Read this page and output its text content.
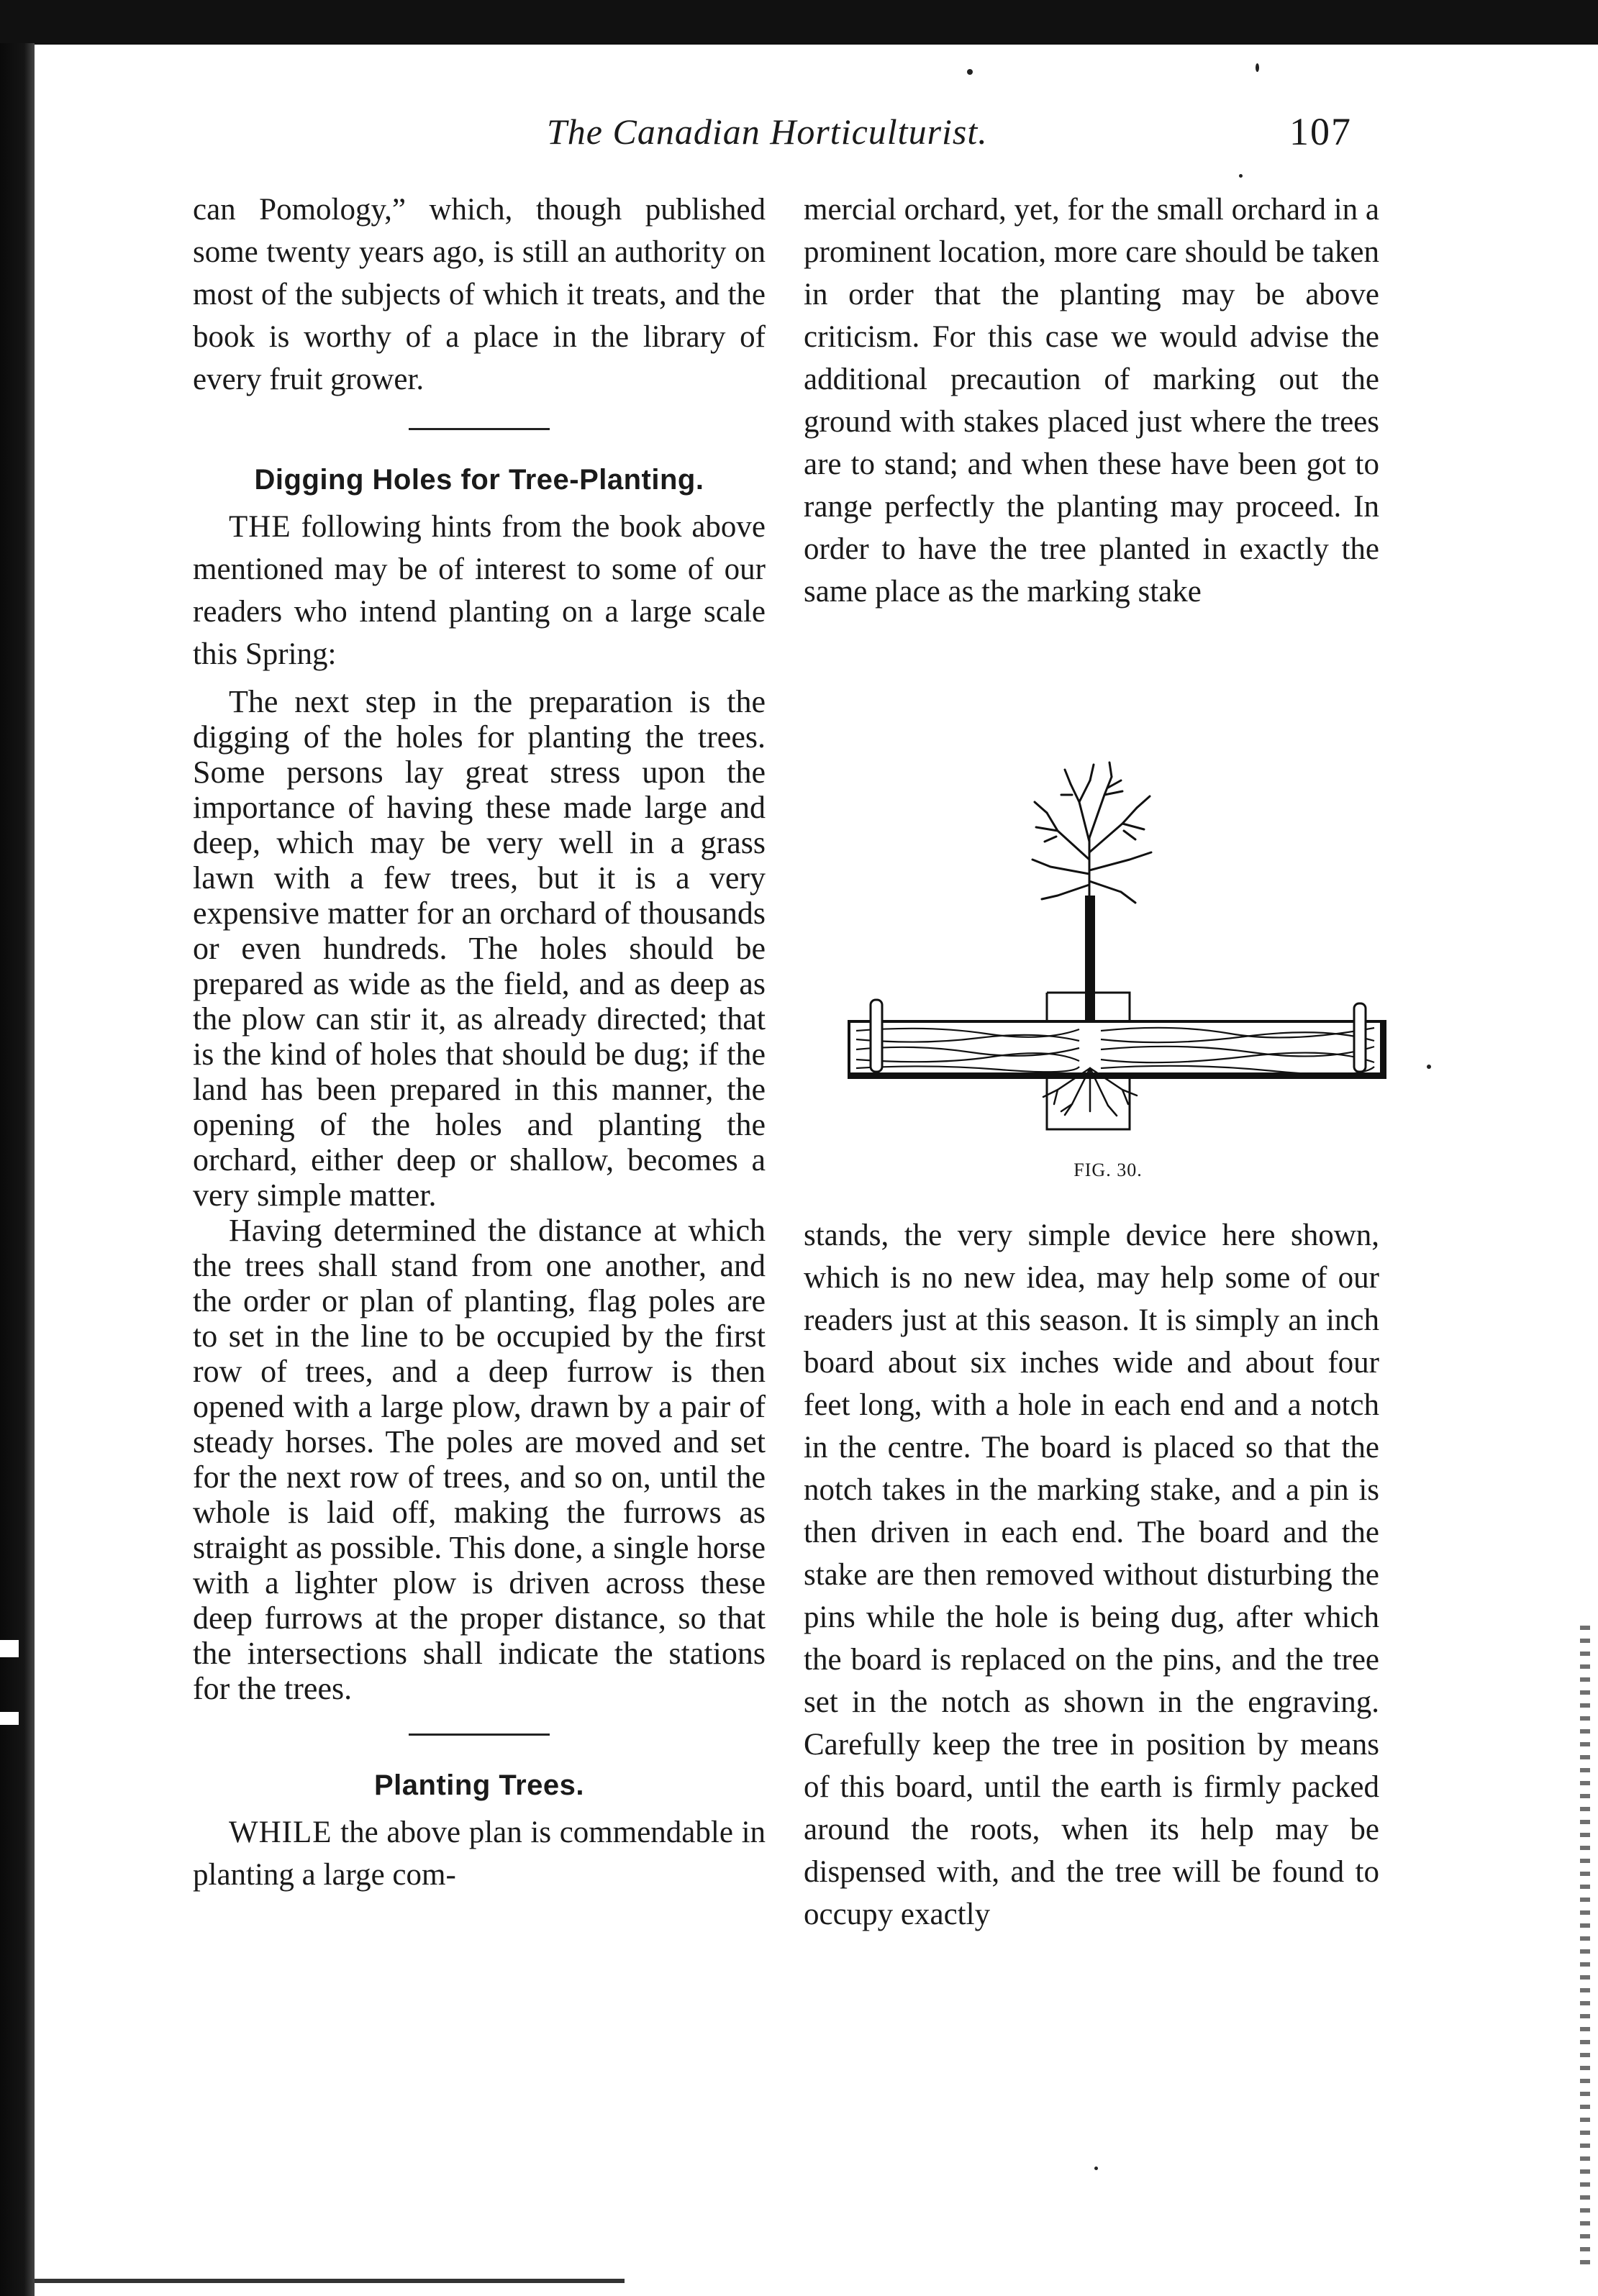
The Canadian Horticulturist.	107

can Pomology,” which, though published some twenty years ago, is still an authority on most of the subjects of which it treats, and the book is worthy of a place in the library of every fruit grower.

Digging Holes for Tree-Planting.

THE following hints from the book above mentioned may be of interest to some of our readers who intend planting on a large scale this Spring:

The next step in the preparation is the digging of the holes for planting the trees. Some persons lay great stress upon the importance of having these made large and deep, which may be very well in a grass lawn with a few trees, but it is a very expensive matter for an orchard of thousands or even hundreds. The holes should be prepared as wide as the field, and as deep as the plow can stir it, as already directed; that is the kind of holes that should be dug; if the land has been prepared in this manner, the opening of the holes and planting the orchard, either deep or shallow, becomes a very simple matter.

Having determined the distance at which the trees shall stand from one another, and the order or plan of planting, flag poles are to set in the line to be occupied by the first row of trees, and a deep furrow is then opened with a large plow, drawn by a pair of steady horses. The poles are moved and set for the next row of trees, and so on, until the whole is laid off, making the furrows as straight as possible. This done, a single horse with a lighter plow is driven across these deep furrows at the proper distance, so that the intersections shall indicate the stations for the trees.

Planting Trees.

WHILE the above plan is commendable in planting a large com-

mercial orchard, yet, for the small orchard in a prominent location, more care should be taken in order that the planting may be above criticism. For this case we would advise the additional precaution of marking out the ground with stakes placed just where the trees are to stand; and when these have been got to range perfectly the planting may proceed. In order to have the tree planted in exactly the same place as the marking stake

FIG. 30.

stands, the very simple device here shown, which is no new idea, may help some of our readers just at this season. It is simply an inch board about six inches wide and about four feet long, with a hole in each end and a notch in the centre. The board is placed so that the notch takes in the marking stake, and a pin is then driven in each end. The board and the stake are then removed without disturbing the pins while the hole is being dug, after which the board is replaced on the pins, and the tree set in the notch as shown in the engraving. Carefully keep the tree in position by means of this board, until the earth is firmly packed around the roots, when its help may be dispensed with, and the tree will be found to occupy exactly
